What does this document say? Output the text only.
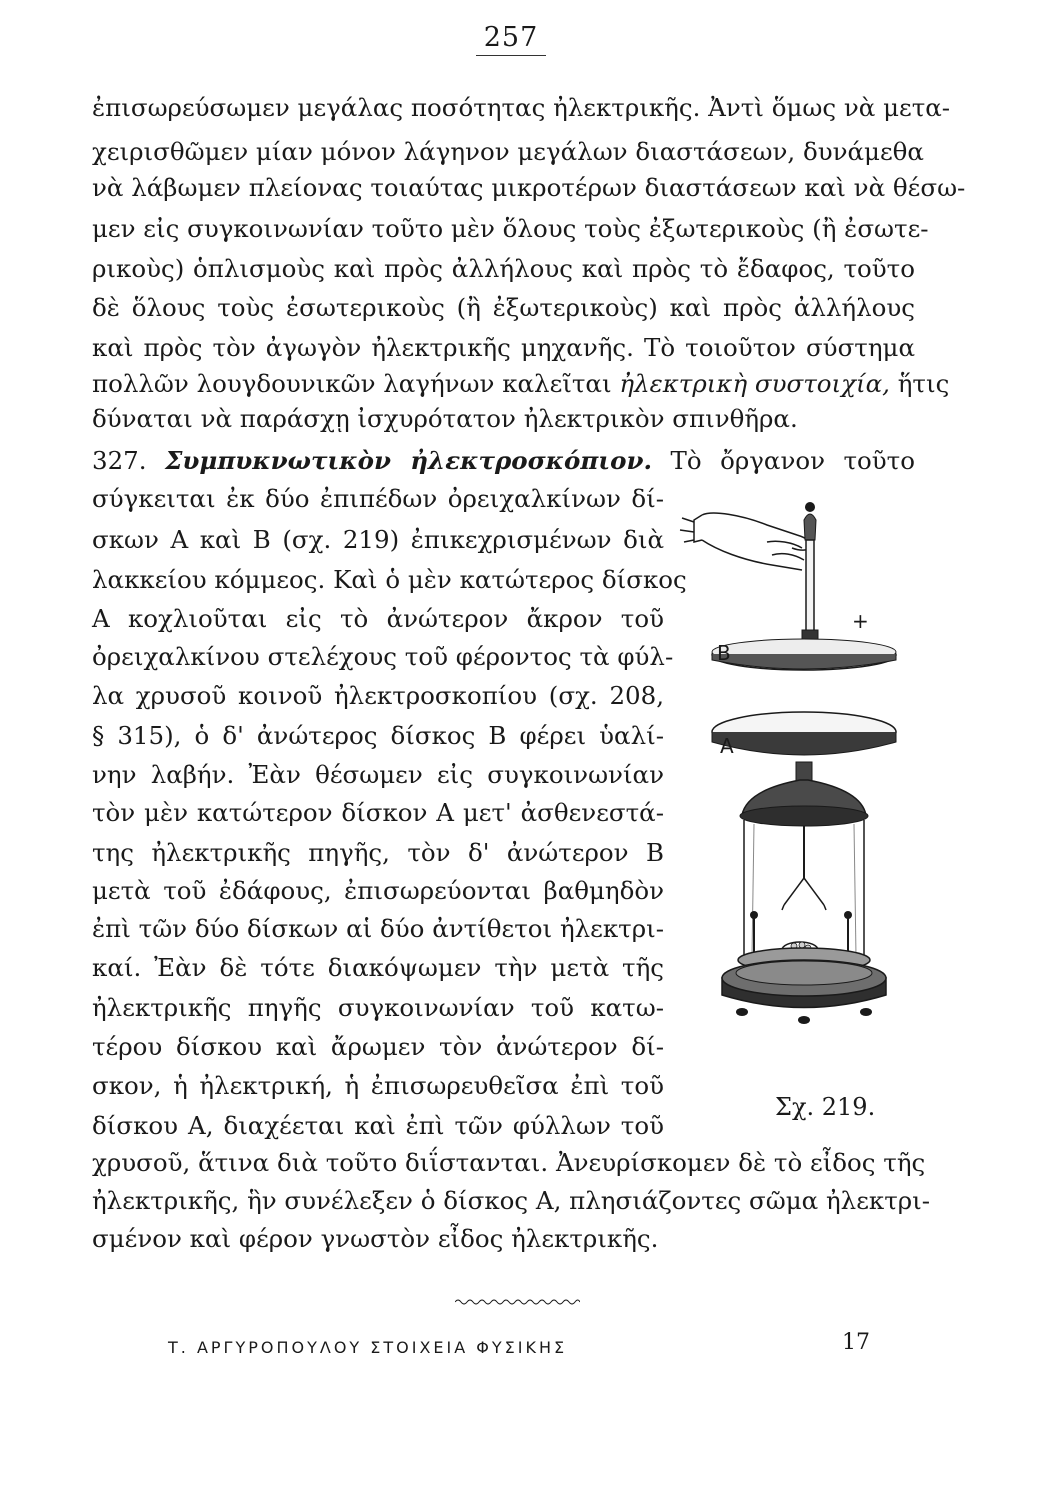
257
ἐπισωρεύσωμεν μεγάλας ποσότητας ἠλεκτρικῆς. Ἀντὶ ὅμως νὰ μετα-
χειρισθῶμεν μίαν μόνον λάγηνον μεγάλων διαστάσεων, δυνάμεθα
νὰ λάβωμεν πλείονας τοιαύτας μικροτέρων διαστάσεων καὶ νὰ θέσω-
μεν εἰς συγκοινωνίαν τοῦτο μὲν ὅλους τοὺς ἐξωτερικοὺς (ἢ ἐσωτε-
ρικοὺς) ὁπλισμοὺς καὶ πρὸς ἀλλήλους καὶ πρὸς τὸ ἔδαφος, τοῦτο
δὲ ὅλους τοὺς ἐσωτερικοὺς (ἢ ἐξωτερικοὺς) καὶ πρὸς ἀλλήλους
καὶ πρὸς τὸν ἀγωγὸν ἠλεκτρικῆς μηχανῆς. Τὸ τοιοῦτον σύστημα
πολλῶν λουγδουνικῶν λαγήνων καλεῖται ἠλεκτρικὴ συστοιχία, ἥτις
δύναται νὰ παράσχῃ ἰσχυρότατον ἠλεκτρικὸν σπινθῆρα.
327. Συμπυκνωτικὸν ἠλεκτροσκόπιον. Τὸ ὄργανον τοῦτο
σύγκειται ἐκ δύο ἐπιπέδων ὀρειχαλκίνων δί-
σκων Α καὶ Β (σχ. 219) ἐπικεχρισμένων διὰ
λακκείου κόμμεος. Καὶ ὁ μὲν κατώτερος δίσκος
Α κοχλιοῦται εἰς τὸ ἀνώτερον ἄκρον τοῦ
ὀρειχαλκίνου στελέχους τοῦ φέροντος τὰ φύλ-
λα χρυσοῦ κοινοῦ ἠλεκτροσκοπίου (σχ. 208,
§ 315), ὁ δ' ἀνώτερος δίσκος Β φέρει ὑαλί-
νην λαβήν. Ἐὰν θέσωμεν εἰς συγκοινωνίαν
τὸν μὲν κατώτερον δίσκον Α μετ' ἀσθενεστά-
της ἠλεκτρικῆς πηγῆς, τὸν δ' ἀνώτερον Β
μετὰ τοῦ ἐδάφους, ἐπισωρεύονται βαθμηδὸν
ἐπὶ τῶν δύο δίσκων αἱ δύο ἀντίθετοι ἠλεκτρι-
καί. Ἐὰν δὲ τότε διακόψωμεν τὴν μετὰ τῆς
ἠλεκτρικῆς πηγῆς συγκοινωνίαν τοῦ κατω-
τέρου δίσκου καὶ ἄρωμεν τὸν ἀνώτερον δί-
σκον, ἡ ἠλεκτρική, ἡ ἐπισωρευθεῖσα ἐπὶ τοῦ
δίσκου Α, διαχέεται καὶ ἐπὶ τῶν φύλλων τοῦ
χρυσοῦ, ἅτινα διὰ τοῦτο διΐστανται. Ἀνευρίσκομεν δὲ τὸ εἶδος τῆς
ἠλεκτρικῆς, ἣν συνέλεξεν ὁ δίσκος Α, πλησιάζοντες σῶμα ἠλεκτρι-
σμένον καὶ φέρον γνωστὸν εἶδος ἠλεκτρικῆς.
B
+
A
Σχ. 219.
Τ. ΑΡΓΥΡΟΠΟΥΛΟΥ ΣΤΟΙΧΕΙΑ ΦΥΣΙΚΗΣ	17
